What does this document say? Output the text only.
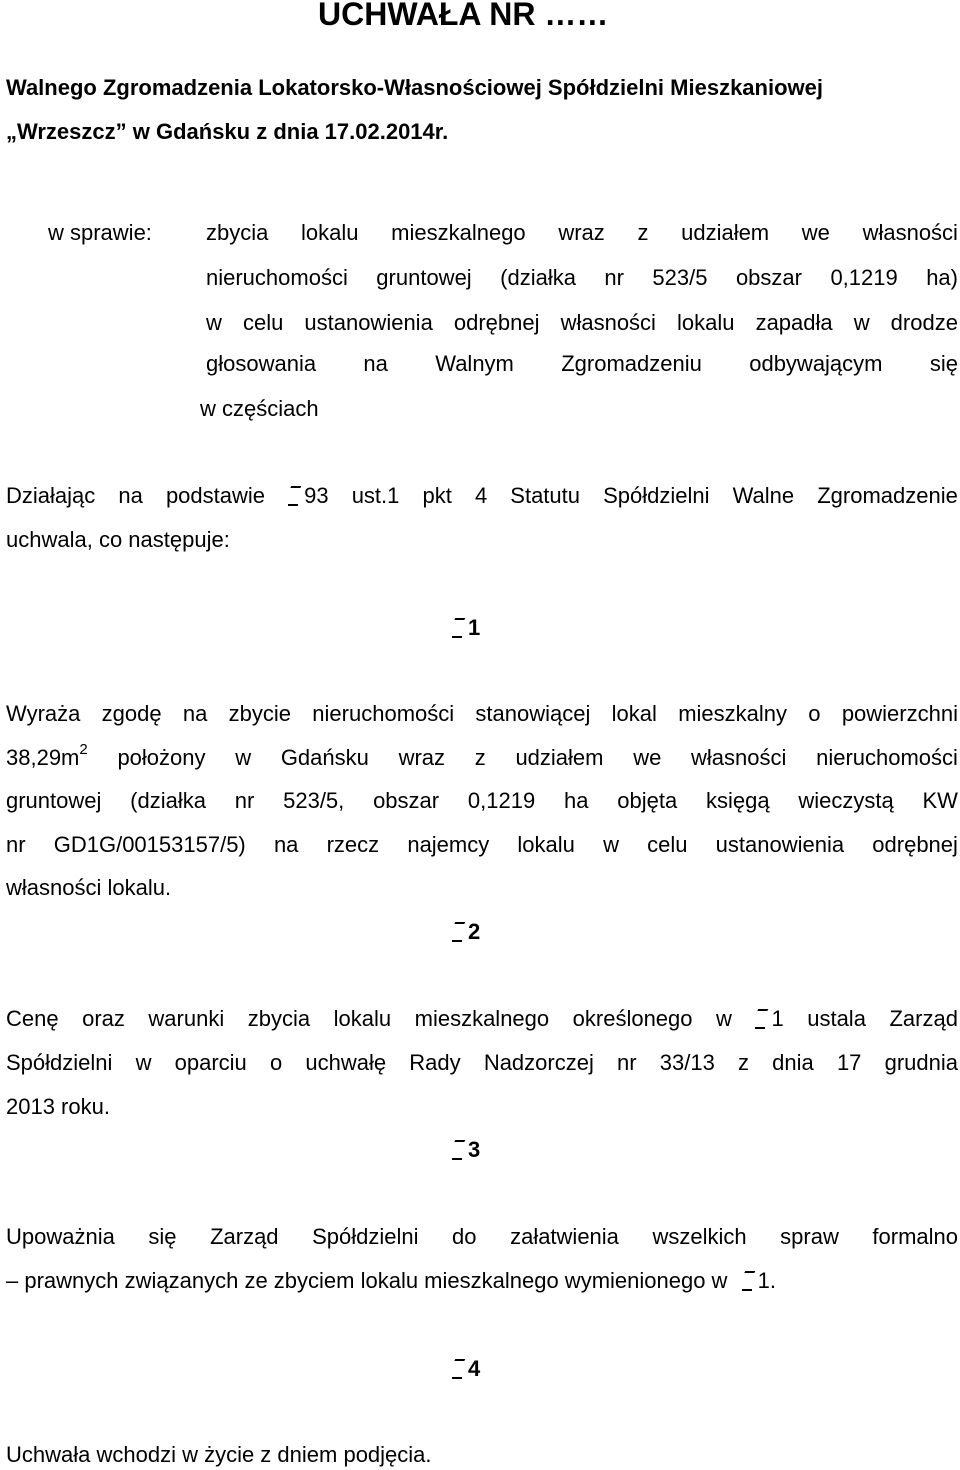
UCHWAŁA NR ……
Walnego Zgromadzenia Lokatorsko-Własnościowej Spółdzielni Mieszkaniowej
„Wrzeszcz” w Gdańsku z dnia 17.02.2014r.
w sprawie: zbycia lokalu mieszkalnego wraz z udziałem we własności
nieruchomości gruntowej (działka nr 523/5 obszar 0,1219 ha)
w celu ustanowienia odrębnej własności lokalu zapadła w drodze
głosowania na Walnym Zgromadzeniu odbywającym się
w częściach
Działając na podstawie	93 ust.1 pkt 4 Statutu Spółdzielni Walne Zgromadzenie
uchwala, co następuje:
1
Wyraża zgodę na zbycie nieruchomości stanowiącej lokal mieszkalny o powierzchni
$38,29m^2$ położony w Gdańsku wraz z udziałem we własności nieruchomości
gruntowej (działka nr 523/5, obszar 0,1219 ha objęta księgą wieczystą KW
nr GD1G/00153157/5) na rzecz najemcy lokalu w celu ustanowienia odrębnej
własności lokalu.
2
Cenę oraz warunki zbycia lokalu mieszkalnego określonego w	1 ustala Zarząd
Spółdzielni w oparciu o uchwałę Rady Nadzorczej nr 33/13 z dnia 17 grudnia
2013 roku.
3
Upoważnia się Zarząd Spółdzielni do załatwienia wszelkich spraw formalno
– prawnych związanych ze zbyciem lokalu mieszkalnego wymienionego w 1.
4
Uchwała wchodzi w życie z dniem podjęcia.
